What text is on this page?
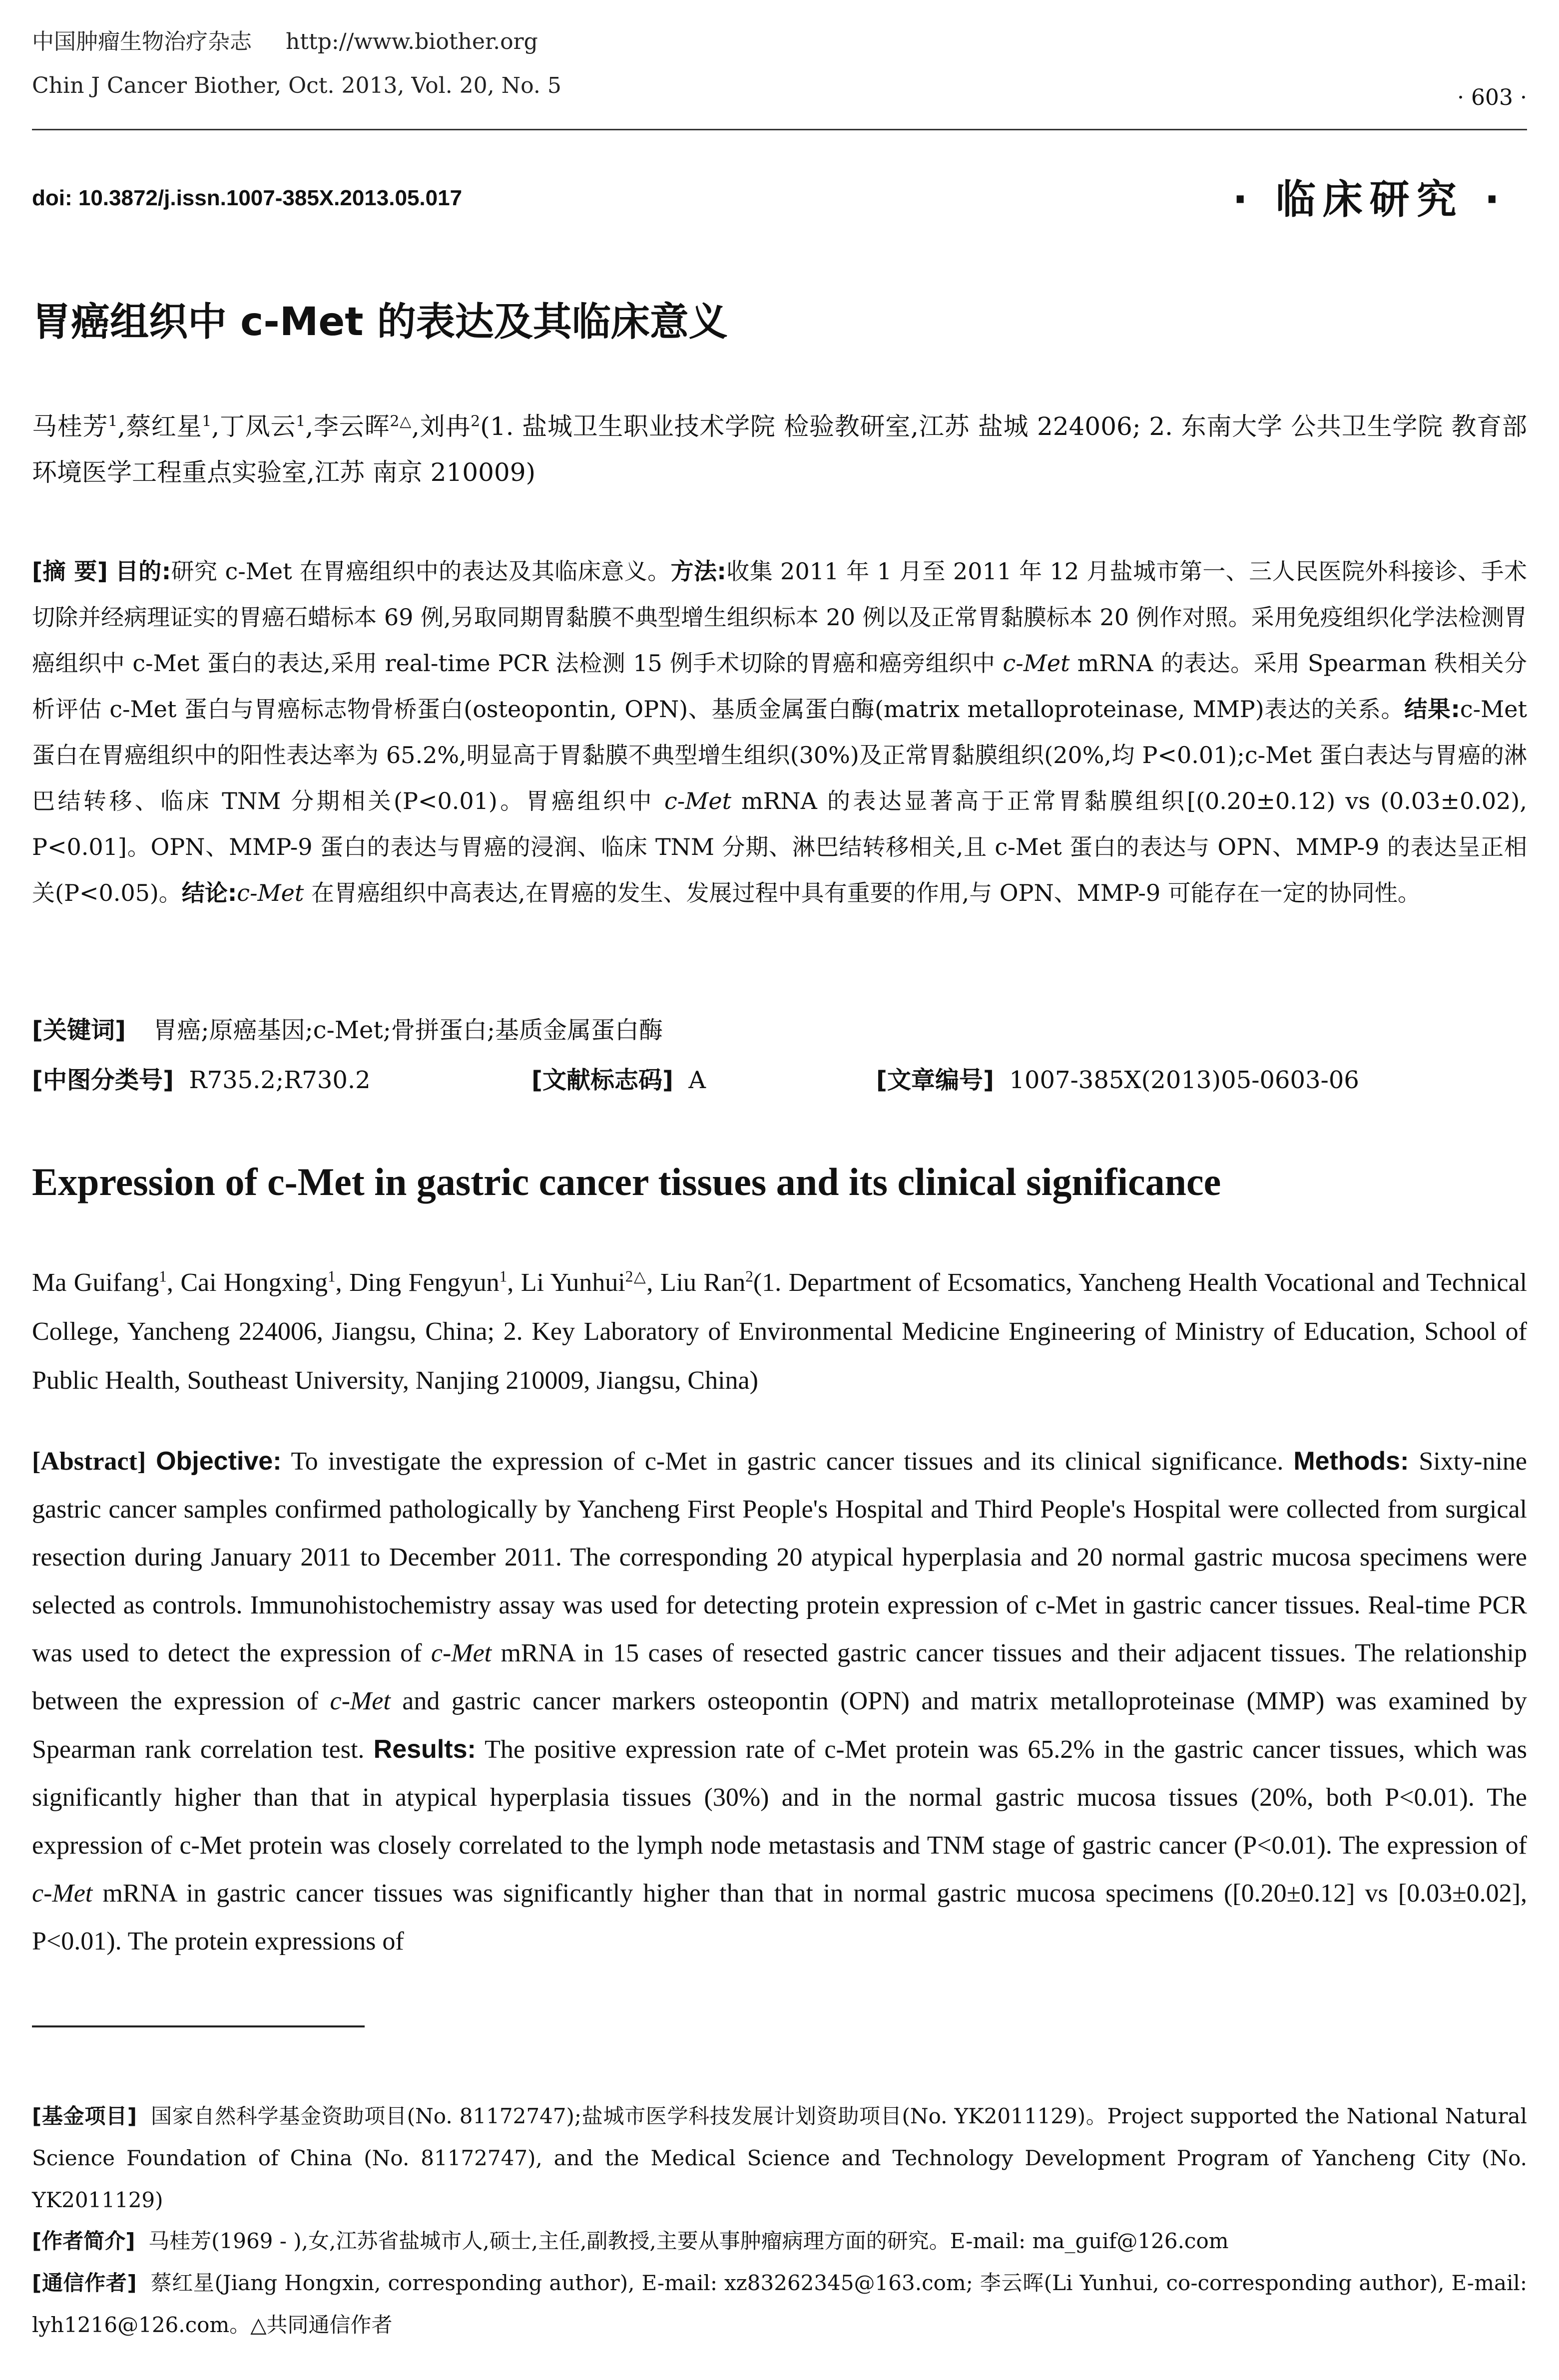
中国肿瘤生物治疗杂志 http://www.biother.org
Chin J Cancer Biother, Oct. 2013, Vol. 20, No. 5	· 603 ·
doi: 10.3872/j.issn.1007-385X.2013.05.017	· 临床研究 ·
胃癌组织中 c-Met 的表达及其临床意义
马桂芳$^1$,蔡红星$^1$,丁凤云$^1$,李云晖$^{2\triangle}$,刘冉$^2$(1. 盐城卫生职业技术学院 检验教研室,江苏 盐城 224006; 2. 东南大学 公共卫生学院 教育部环境医学工程重点实验室,江苏 南京 210009)
[摘 要] 目的:研究 c-Met 在胃癌组织中的表达及其临床意义。方法:收集 2011 年 1 月至 2011 年 12 月盐城市第一、三人民医院外科接诊、手术切除并经病理证实的胃癌石蜡标本 69 例,另取同期胃黏膜不典型增生组织标本 20 例以及正常胃黏膜标本 20 例作对照。采用免疫组织化学法检测胃癌组织中 c-Met 蛋白的表达,采用 real-time PCR 法检测 15 例手术切除的胃癌和癌旁组织中 c-Met mRNA 的表达。采用 Spearman 秩相关分析评估 c-Met 蛋白与胃癌标志物骨桥蛋白(osteopontin, OPN)、基质金属蛋白酶(matrix metalloproteinase, MMP)表达的关系。结果:c-Met 蛋白在胃癌组织中的阳性表达率为 65.2%,明显高于胃黏膜不典型增生组织(30%)及正常胃黏膜组织(20%,均 P<0.01);c-Met 蛋白表达与胃癌的淋巴结转移、临床 TNM 分期相关(P<0.01)。胃癌组织中 c-Met mRNA 的表达显著高于正常胃黏膜组织[(0.20±0.12) vs (0.03±0.02), P<0.01]。OPN、MMP-9 蛋白的表达与胃癌的浸润、临床 TNM 分期、淋巴结转移相关,且 c-Met 蛋白的表达与 OPN、MMP-9 的表达呈正相关(P<0.05)。结论:c-Met 在胃癌组织中高表达,在胃癌的发生、发展过程中具有重要的作用,与 OPN、MMP-9 可能存在一定的协同性。
[关键词] 胃癌;原癌基因;c-Met;骨拼蛋白;基质金属蛋白酶
[中图分类号] R735.2;R730.2	[文献标志码] A	[文章编号] 1007-385X(2013)05-0603-06
Expression of c-Met in gastric cancer tissues and its clinical significance
Ma Guifang$^1$, Cai Hongxing$^1$, Ding Fengyun$^1$, Li Yunhui$^{2\triangle}$, Liu Ran$^2$(1. Department of Ecsomatics, Yancheng Health Vocational and Technical College, Yancheng 224006, Jiangsu, China; 2. Key Laboratory of Environmental Medicine Engineering of Ministry of Education, School of Public Health, Southeast University, Nanjing 210009, Jiangsu, China)
[Abstract] Objective: To investigate the expression of c-Met in gastric cancer tissues and its clinical significance. Methods: Sixty-nine gastric cancer samples confirmed pathologically by Yancheng First People's Hospital and Third People's Hospital were collected from surgical resection during January 2011 to December 2011. The corresponding 20 atypical hyperplasia and 20 normal gastric mucosa specimens were selected as controls. Immunohistochemistry assay was used for detecting protein expression of c-Met in gastric cancer tissues. Real-time PCR was used to detect the expression of c-Met mRNA in 15 cases of resected gastric cancer tissues and their adjacent tissues. The relationship between the expression of c-Met and gastric cancer markers osteopontin (OPN) and matrix metalloproteinase (MMP) was examined by Spearman rank correlation test. Results: The positive expression rate of c-Met protein was 65.2% in the gastric cancer tissues, which was significantly higher than that in atypical hyperplasia tissues (30%) and in the normal gastric mucosa tissues (20%, both P<0.01). The expression of c-Met protein was closely correlated to the lymph node metastasis and TNM stage of gastric cancer (P<0.01). The expression of c-Met mRNA in gastric cancer tissues was significantly higher than that in normal gastric mucosa specimens ([0.20±0.12] vs [0.03±0.02], P<0.01). The protein expressions of
[基金项目] 国家自然科学基金资助项目(No. 81172747);盐城市医学科技发展计划资助项目(No. YK2011129)。Project supported the National Natural Science Foundation of China (No. 81172747), and the Medical Science and Technology Development Program of Yancheng City (No. YK2011129)
[作者简介] 马桂芳(1969 - ),女,江苏省盐城市人,硕士,主任,副教授,主要从事肿瘤病理方面的研究。E-mail: ma_guif@126.com
[通信作者] 蔡红星(Jiang Hongxin, corresponding author), E-mail: xz83262345@163.com; 李云晖(Li Yunhui, co-corresponding author), E-mail: lyh1216@126.com。△共同通信作者
